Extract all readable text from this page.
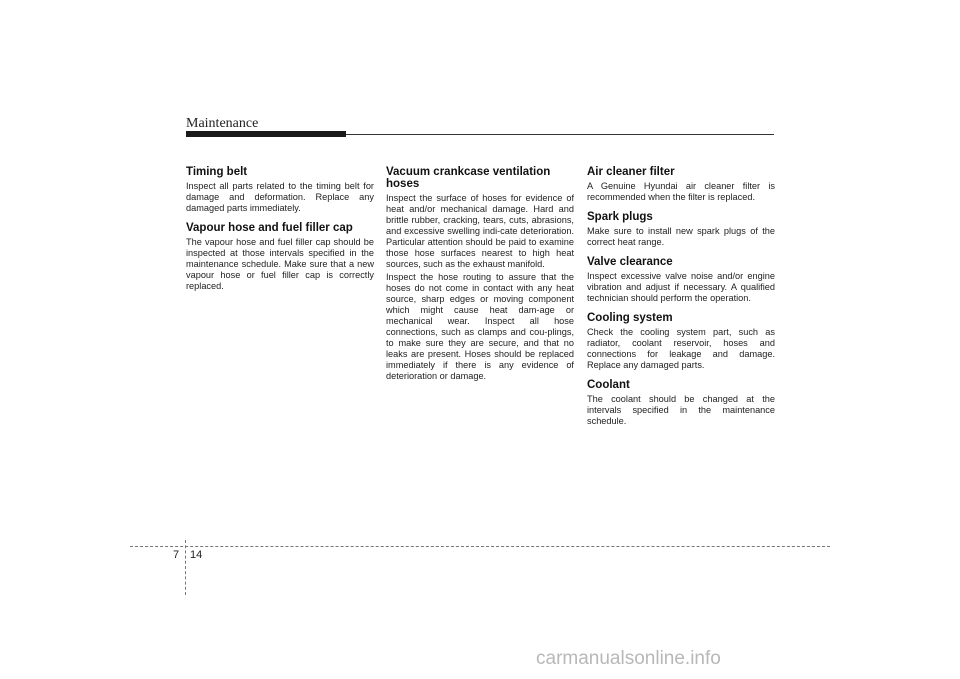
Maintenance
Timing belt

Inspect all parts related to the timing belt for damage and deformation. Replace any damaged parts immediately.

Vapour hose and fuel filler cap

The vapour hose and fuel filler cap should be inspected at those intervals specified in the maintenance schedule. Make sure that a new vapour hose or fuel filler cap is correctly replaced.

Vacuum crankcase ventilation hoses

Inspect the surface of hoses for evidence of heat and/or mechanical damage. Hard and brittle rubber, cracking, tears, cuts, abrasions, and excessive swelling indi-cate deterioration. Particular attention should be paid to examine those hose surfaces nearest to high heat sources, such as the exhaust manifold.

Inspect the hose routing to assure that the hoses do not come in contact with any heat source, sharp edges or moving component which might cause heat dam-age or mechanical wear. Inspect all hose connections, such as clamps and cou-plings, to make sure they are secure, and that no leaks are present. Hoses should be replaced immediately if there is any evidence of deterioration or damage.

Air cleaner filter

A Genuine Hyundai air cleaner filter is recommended when the filter is replaced.

Spark plugs

Make sure to install new spark plugs of the correct heat range.

Valve clearance

Inspect excessive valve noise and/or engine vibration and adjust if necessary. A qualified technician should perform the operation.

Cooling system

Check the cooling system part, such as radiator, coolant reservoir, hoses and connections for leakage and damage. Replace any damaged parts.

Coolant

The coolant should be changed at the intervals specified in the maintenance schedule.

7 14
carmanualsonline.info
